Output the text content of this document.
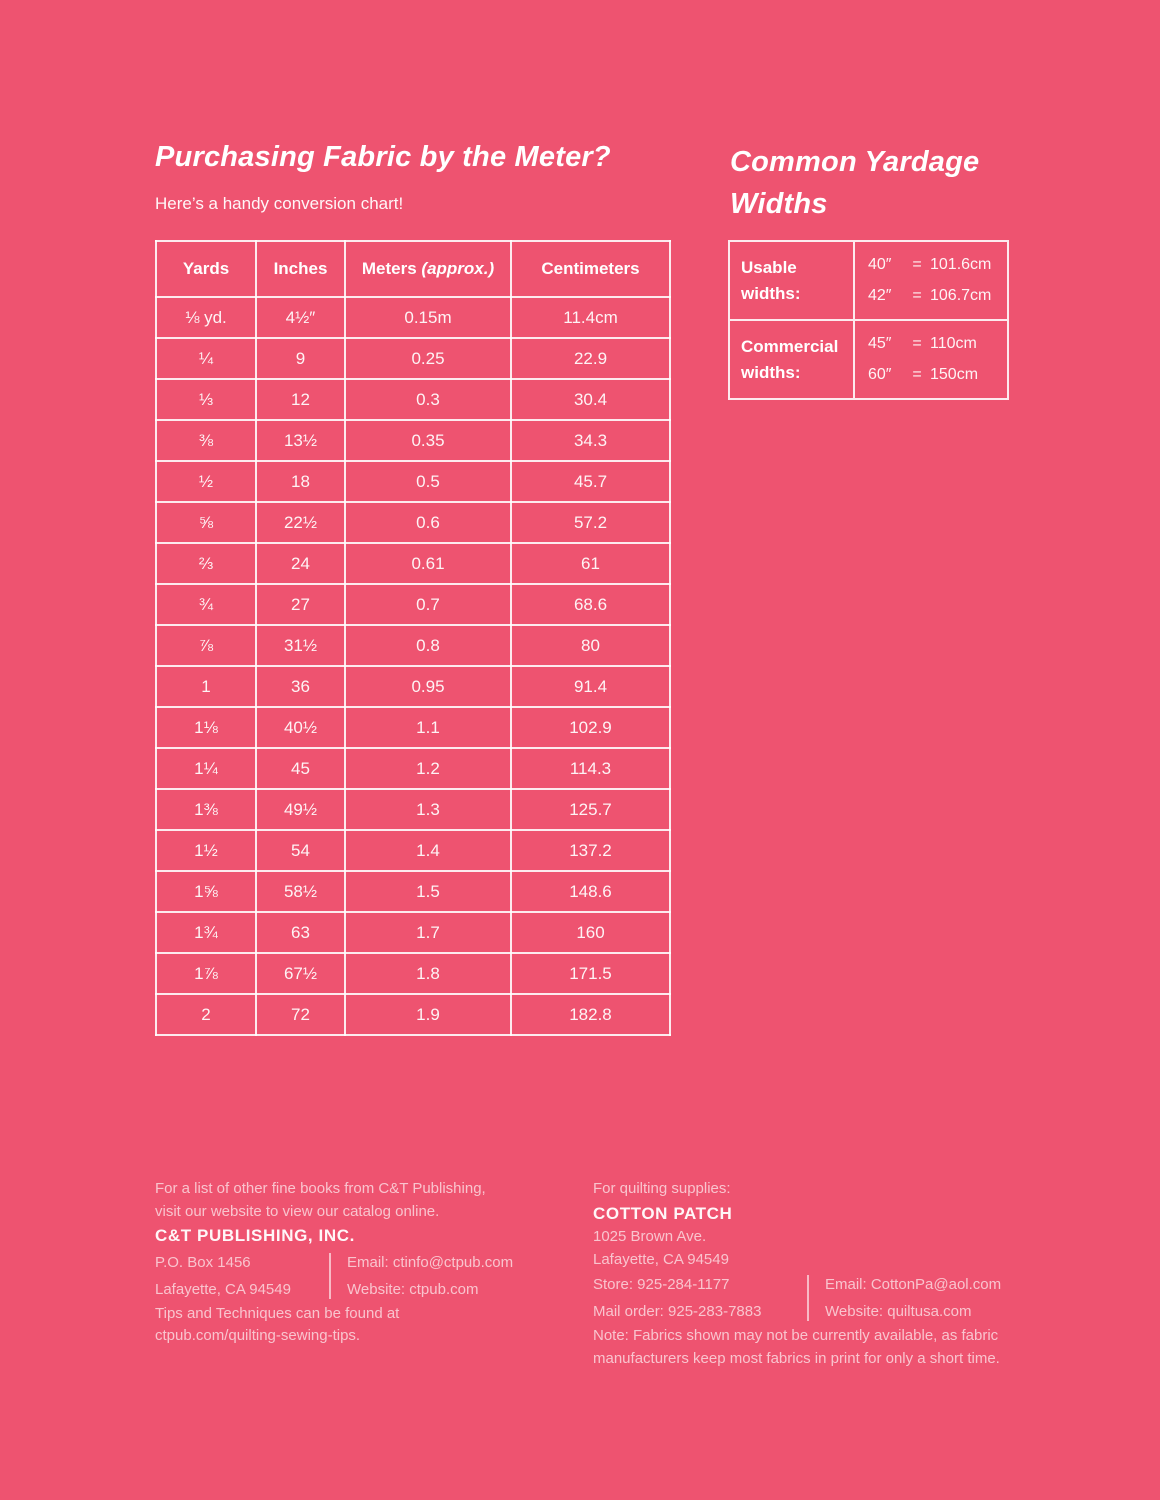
Purchasing Fabric by the Meter?

Here’s a handy conversion chart!

Yards	Inches	Meters (approx.)	Centimeters
⅛ yd.	4½″	0.15m	11.4cm
¼	9	0.25	22.9
⅓	12	0.3	30.4
⅜	13½	0.35	34.3
½	18	0.5	45.7
⅝	22½	0.6	57.2
⅔	24	0.61	61
¾	27	0.7	68.6
⅞	31½	0.8	80
1	36	0.95	91.4
1⅛	40½	1.1	102.9
1¼	45	1.2	114.3
1⅜	49½	1.3	125.7
1½	54	1.4	137.2
1⅝	58½	1.5	148.6
1¾	63	1.7	160
1⅞	67½	1.8	171.5
2	72	1.9	182.8
Common Yardage
Widths
Usable widths:
40″	= 101.6cm
42″	= 106.7cm
Commercial widths:
45″	= 110cm
60″	= 150cm

For a list of other fine books from C&T Publishing,

visit our website to view our catalog online.

C&T PUBLISHING, INC.

P.O. Box 1456

Lafayette, CA 94549

Email: ctinfo@ctpub.com

Website: ctpub.com

Tips and Techniques can be found at

ctpub.com/quilting-sewing-tips.

For quilting supplies:

COTTON PATCH

1025 Brown Ave.

Lafayette, CA 94549

Store: 925-284-1177

Mail order: 925-283-7883

Email: CottonPa@aol.com

Website: quiltusa.com

Note: Fabrics shown may not be currently available, as fabric

manufacturers keep most fabrics in print for only a short time.
